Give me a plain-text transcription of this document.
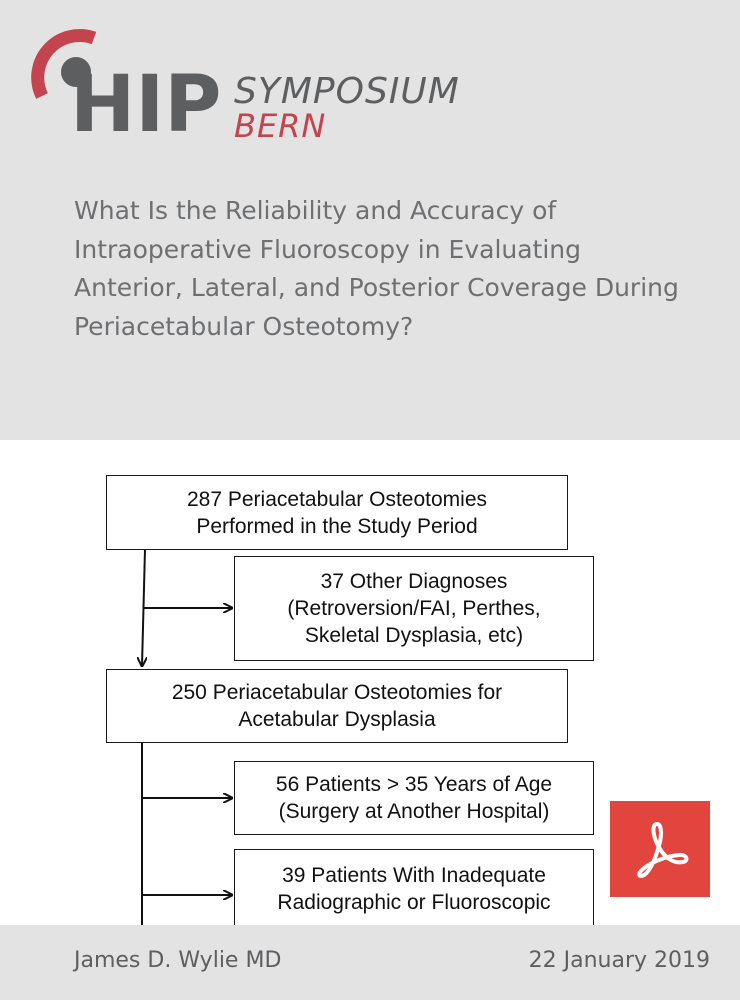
HIP SYMPOSIUM
BERN
What Is the Reliability and Accuracy of Intraoperative Fluoroscopy in Evaluating Anterior, Lateral, and Posterior Coverage During Periacetabular Osteotomy?
287 Periacetabular Osteotomies
Performed in the Study Period
37 Other Diagnoses
(Retroversion/FAI, Perthes,
Skeletal Dysplasia, etc)
250 Periacetabular Osteotomies for
Acetabular Dysplasia
56 Patients > 35 Years of Age
(Surgery at Another Hospital)
39 Patients With Inadequate
Radiographic or Fluoroscopic
James D. Wylie MD	22 January 2019
